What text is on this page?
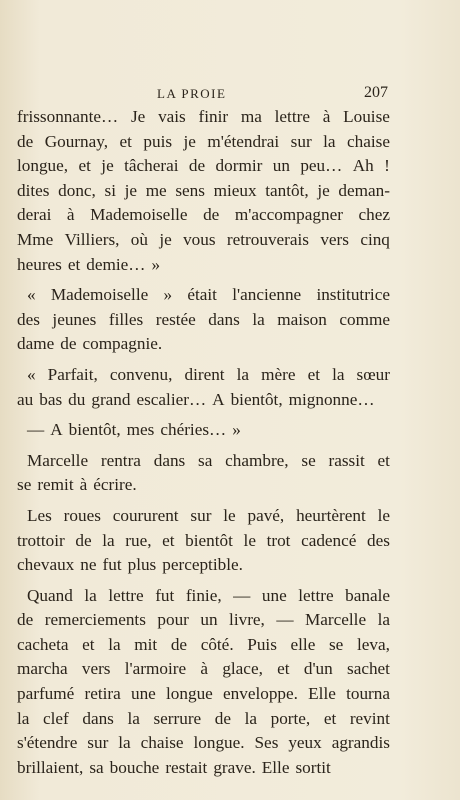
LA PROIE	207
frissonnante… Je vais finir ma lettre à Louise
de Gournay, et puis je m'étendrai sur la chaise
longue, et je tâcherai de dormir un peu… Ah !
dites donc, si je me sens mieux tantôt, je deman-
derai à Mademoiselle de m'accompagner chez
Mme Villiers, où je vous retrouverais vers cinq
heures et demie… »
« Mademoiselle » était l'ancienne institutrice
des jeunes filles restée dans la maison comme
dame de compagnie.
« Parfait, convenu, dirent la mère et la sœur
au bas du grand escalier… A bientôt, mignonne…
— A bientôt, mes chéries… »
Marcelle rentra dans sa chambre, se rassit et
se remit à écrire.
Les roues coururent sur le pavé, heurtèrent le
trottoir de la rue, et bientôt le trot cadencé des
chevaux ne fut plus perceptible.
Quand la lettre fut finie, — une lettre banale
de remerciements pour un livre, — Marcelle la
cacheta et la mit de côté. Puis elle se leva,
marcha vers l'armoire à glace, et d'un sachet
parfumé retira une longue enveloppe. Elle tourna
la clef dans la serrure de la porte, et revint
s'étendre sur la chaise longue. Ses yeux agrandis
brillaient, sa bouche restait grave. Elle sortit
